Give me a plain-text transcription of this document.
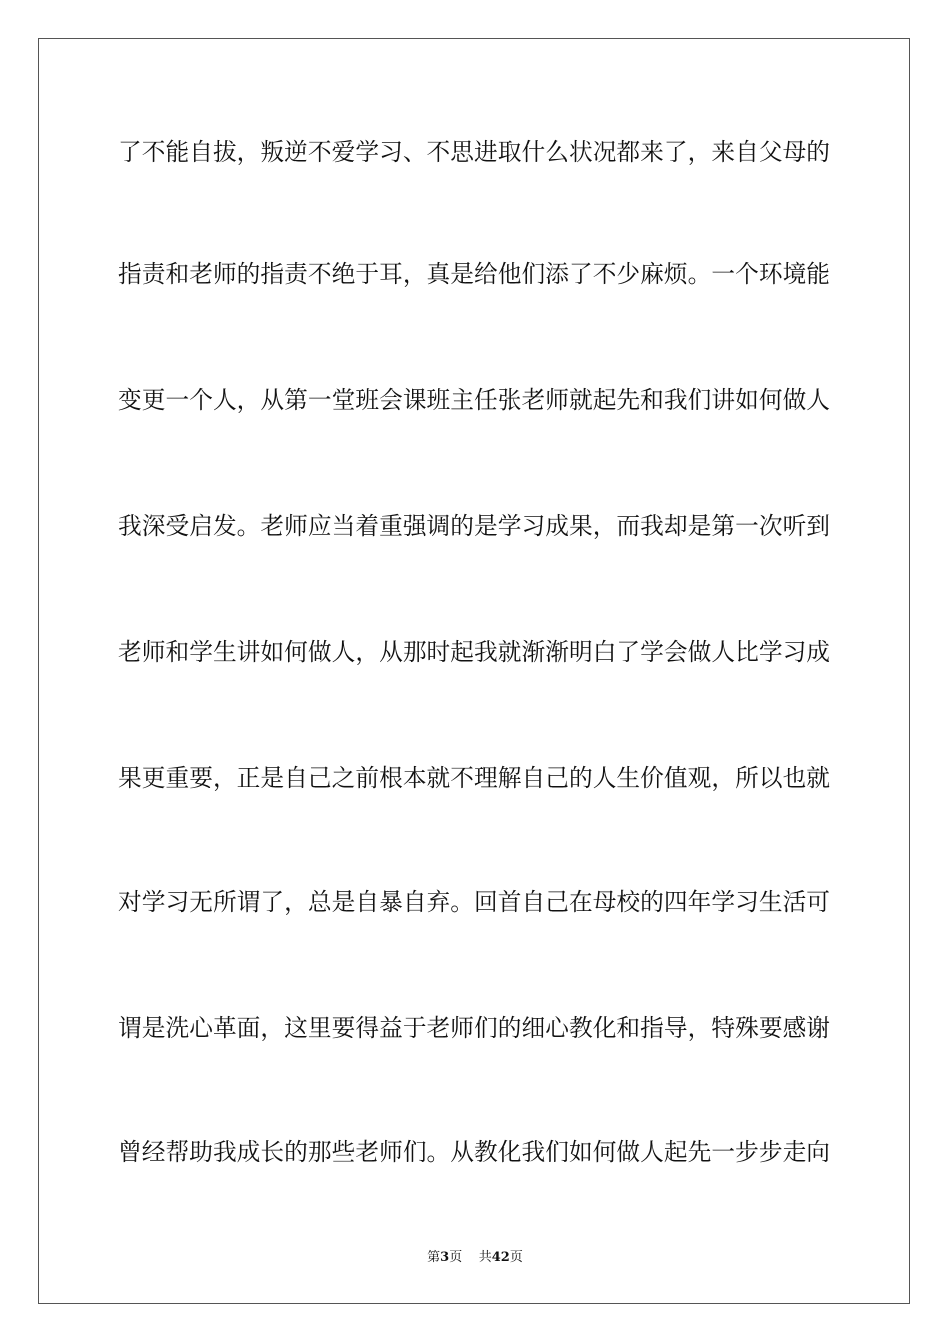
了不能自拔，叛逆不爱学习、不思进取什么状况都来了，来自父母的
指责和老师的指责不绝于耳，真是给他们添了不少麻烦。一个环境能
变更一个人，从第一堂班会课班主任张老师就起先和我们讲如何做人
我深受启发。老师应当着重强调的是学习成果，而我却是第一次听到
老师和学生讲如何做人，从那时起我就渐渐明白了学会做人比学习成
果更重要，正是自己之前根本就不理解自己的人生价值观，所以也就
对学习无所谓了，总是自暴自弃。回首自己在母校的四年学习生活可
谓是洗心革面，这里要得益于老师们的细心教化和指导，特殊要感谢
曾经帮助我成长的那些老师们。从教化我们如何做人起先一步步走向
第3页 共42页
